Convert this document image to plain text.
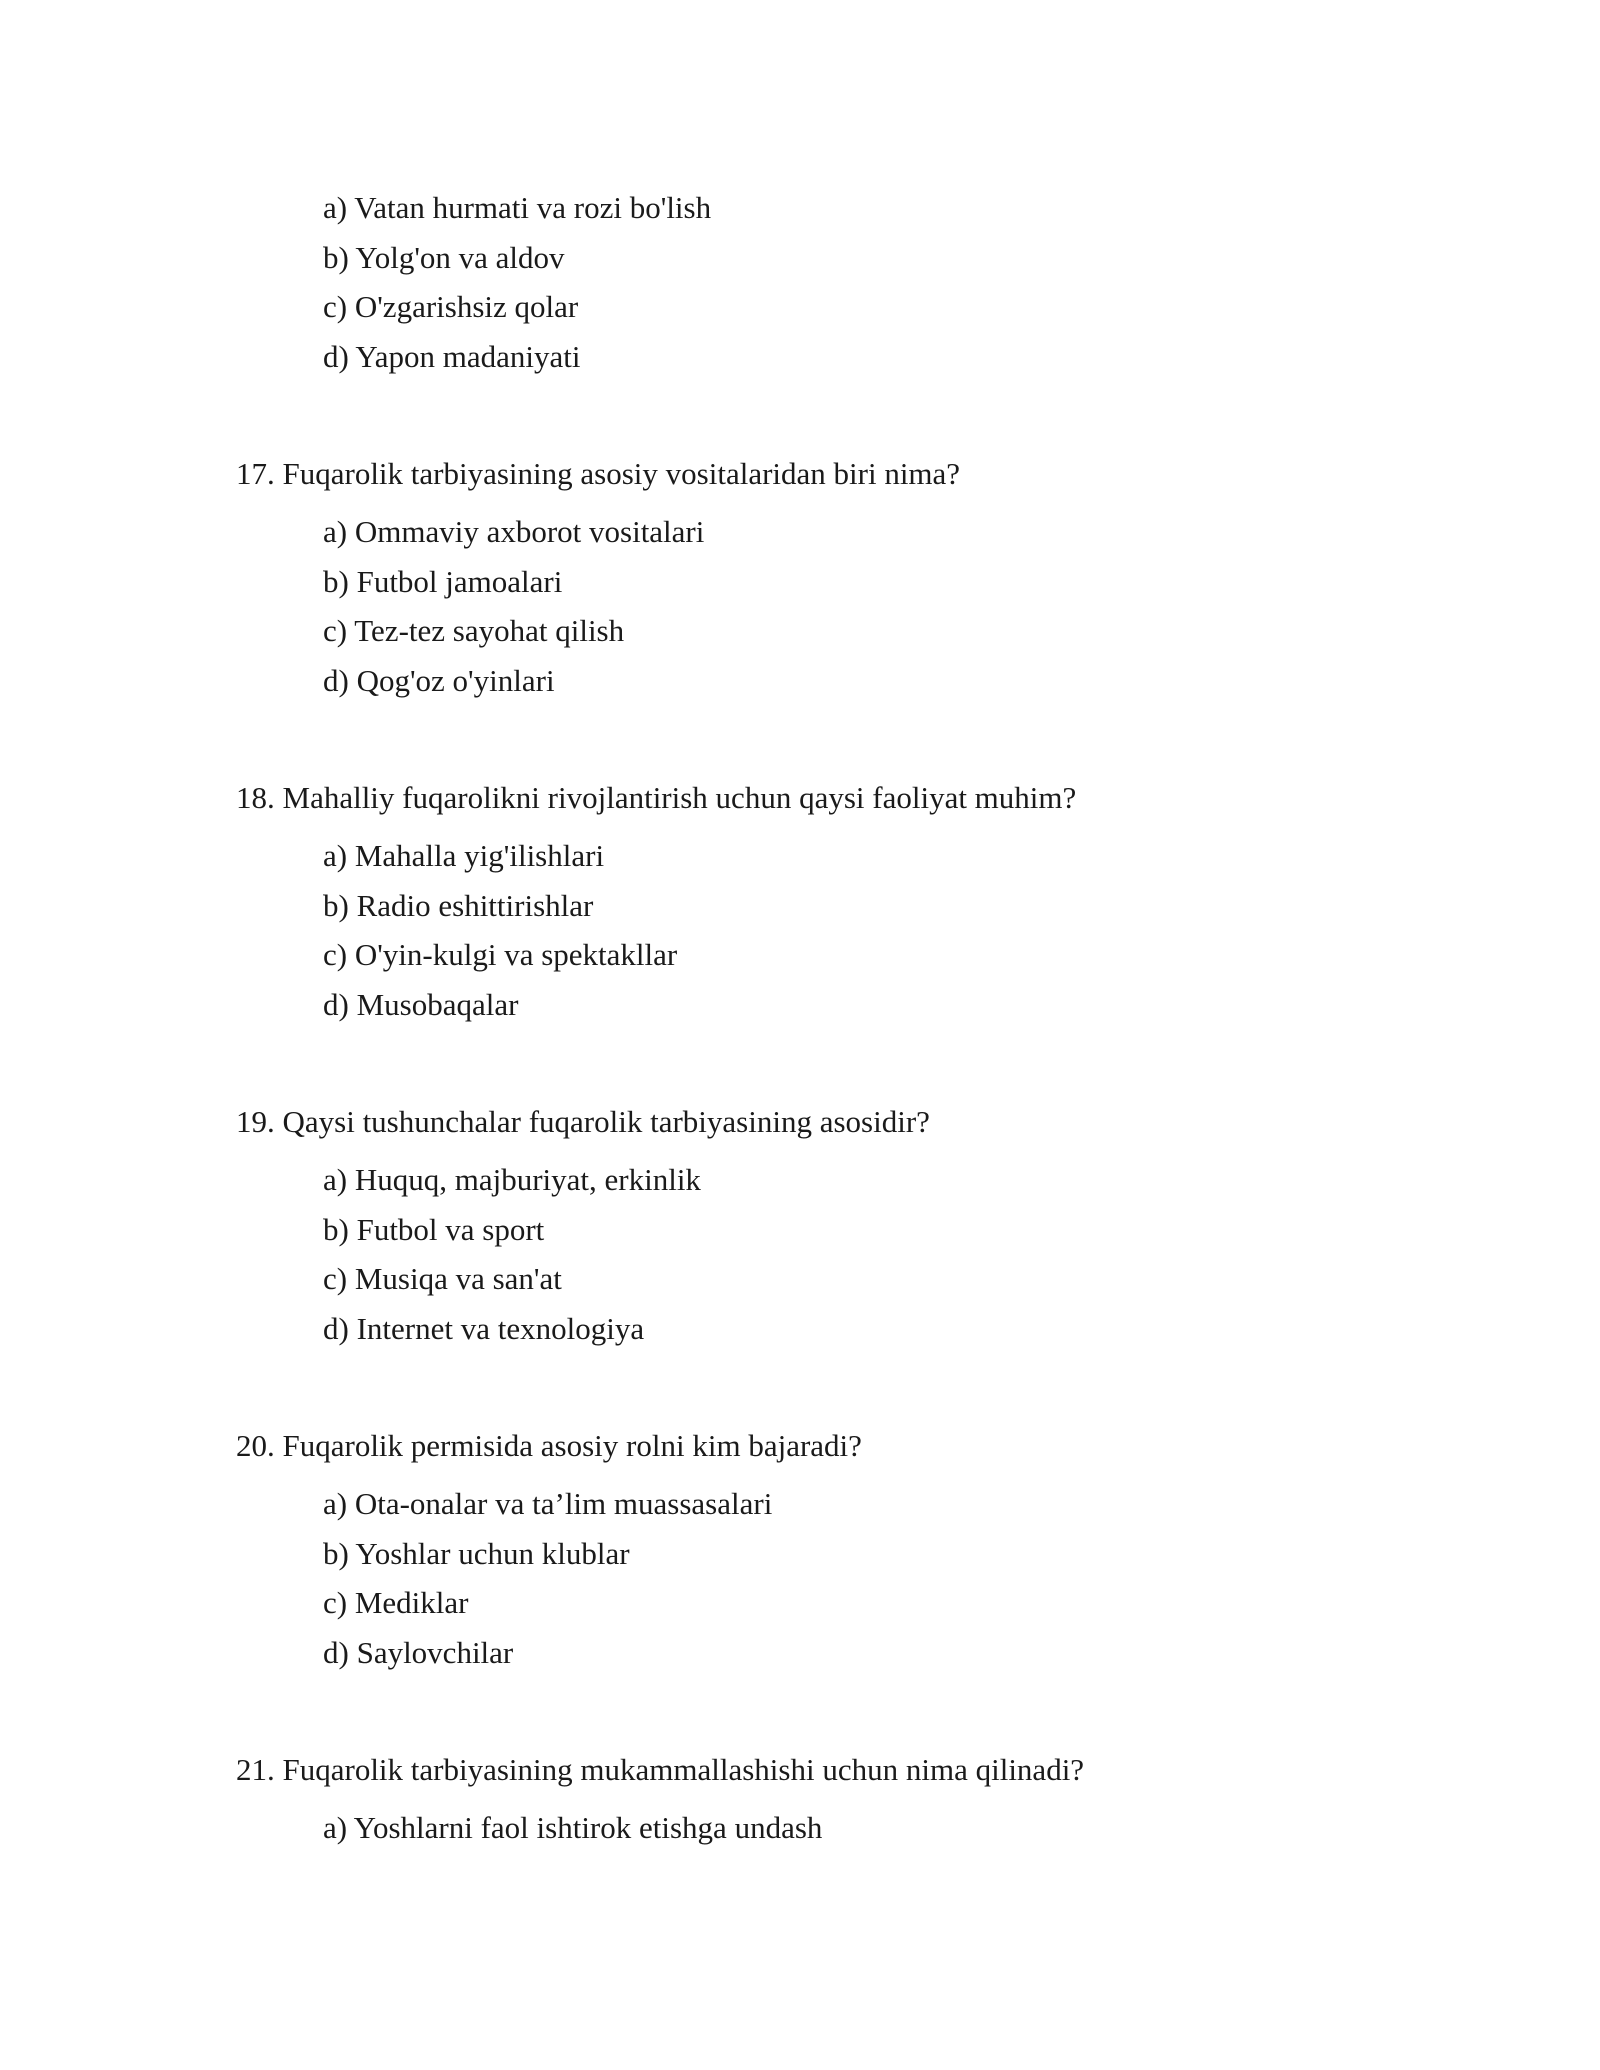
a) Vatan hurmati va rozi bo'lish
b) Yolg'on va aldov
c) O'zgarishsiz qolar
d) Yapon madaniyati
17. Fuqarolik tarbiyasining asosiy vositalaridan biri nima?
a) Ommaviy axborot vositalari
b) Futbol jamoalari
c) Tez-tez sayohat qilish
d) Qog'oz o'yinlari
18. Mahalliy fuqarolikni rivojlantirish uchun qaysi faoliyat muhim?
a) Mahalla yig'ilishlari
b) Radio eshittirishlar
c) O'yin-kulgi va spektakllar
d) Musobaqalar
19. Qaysi tushunchalar fuqarolik tarbiyasining asosidir?
a) Huquq, majburiyat, erkinlik
b) Futbol va sport
c) Musiqa va san'at
d) Internet va texnologiya
20. Fuqarolik permisida asosiy rolni kim bajaradi?
a) Ota-onalar va ta’lim muassasalari
b) Yoshlar uchun klublar
c) Mediklar
d) Saylovchilar
21. Fuqarolik tarbiyasining mukammallashishi uchun nima qilinadi?
a) Yoshlarni faol ishtirok etishga undash
